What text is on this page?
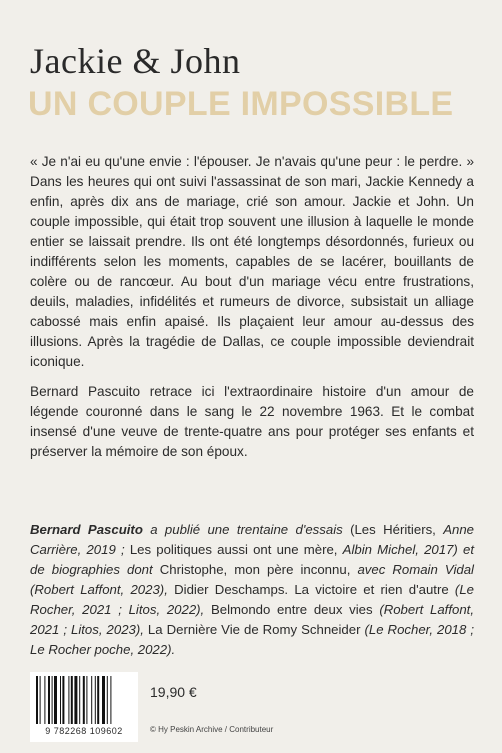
Jackie & John
UN COUPLE IMPOSSIBLE

« Je n'ai eu qu'une envie : l'épouser. Je n'avais qu'une peur : le perdre. » Dans les heures qui ont suivi l'assassinat de son mari, Jackie Kennedy a enfin, après dix ans de mariage, crié son amour. Jackie et John. Un couple impossible, qui était trop souvent une illusion à laquelle le monde entier se laissait prendre. Ils ont été longtemps désordonnés, furieux ou indifférents selon les moments, capables de se lacérer, bouillants de colère ou de rancœur. Au bout d'un mariage vécu entre frustrations, deuils, maladies, infidélités et rumeurs de divorce, subsistait un alliage cabossé mais enfin apaisé. Ils plaçaient leur amour au-dessus des illusions. Après la tragédie de Dallas, ce couple impossible deviendrait iconique.

Bernard Pascuito retrace ici l'extraordinaire histoire d'un amour de légende couronné dans le sang le 22 novembre 1963. Et le combat insensé d'une veuve de trente-quatre ans pour protéger ses enfants et préserver la mémoire de son époux.

Bernard Pascuito a publié une trentaine d'essais (Les Héritiers, Anne Carrière, 2019 ; Les politiques aussi ont une mère, Albin Michel, 2017) et de biographies dont Christophe, mon père inconnu, avec Romain Vidal (Robert Laffont, 2023), Didier Deschamps. La victoire et rien d'autre (Le Rocher, 2021 ; Litos, 2022), Belmondo entre deux vies (Robert Laffont, 2021 ; Litos, 2023), La Dernière Vie de Romy Schneider (Le Rocher, 2018 ; Le Rocher poche, 2022).

9 782268 109602
19,90 €
© Hy Peskin Archive / Contributeur
